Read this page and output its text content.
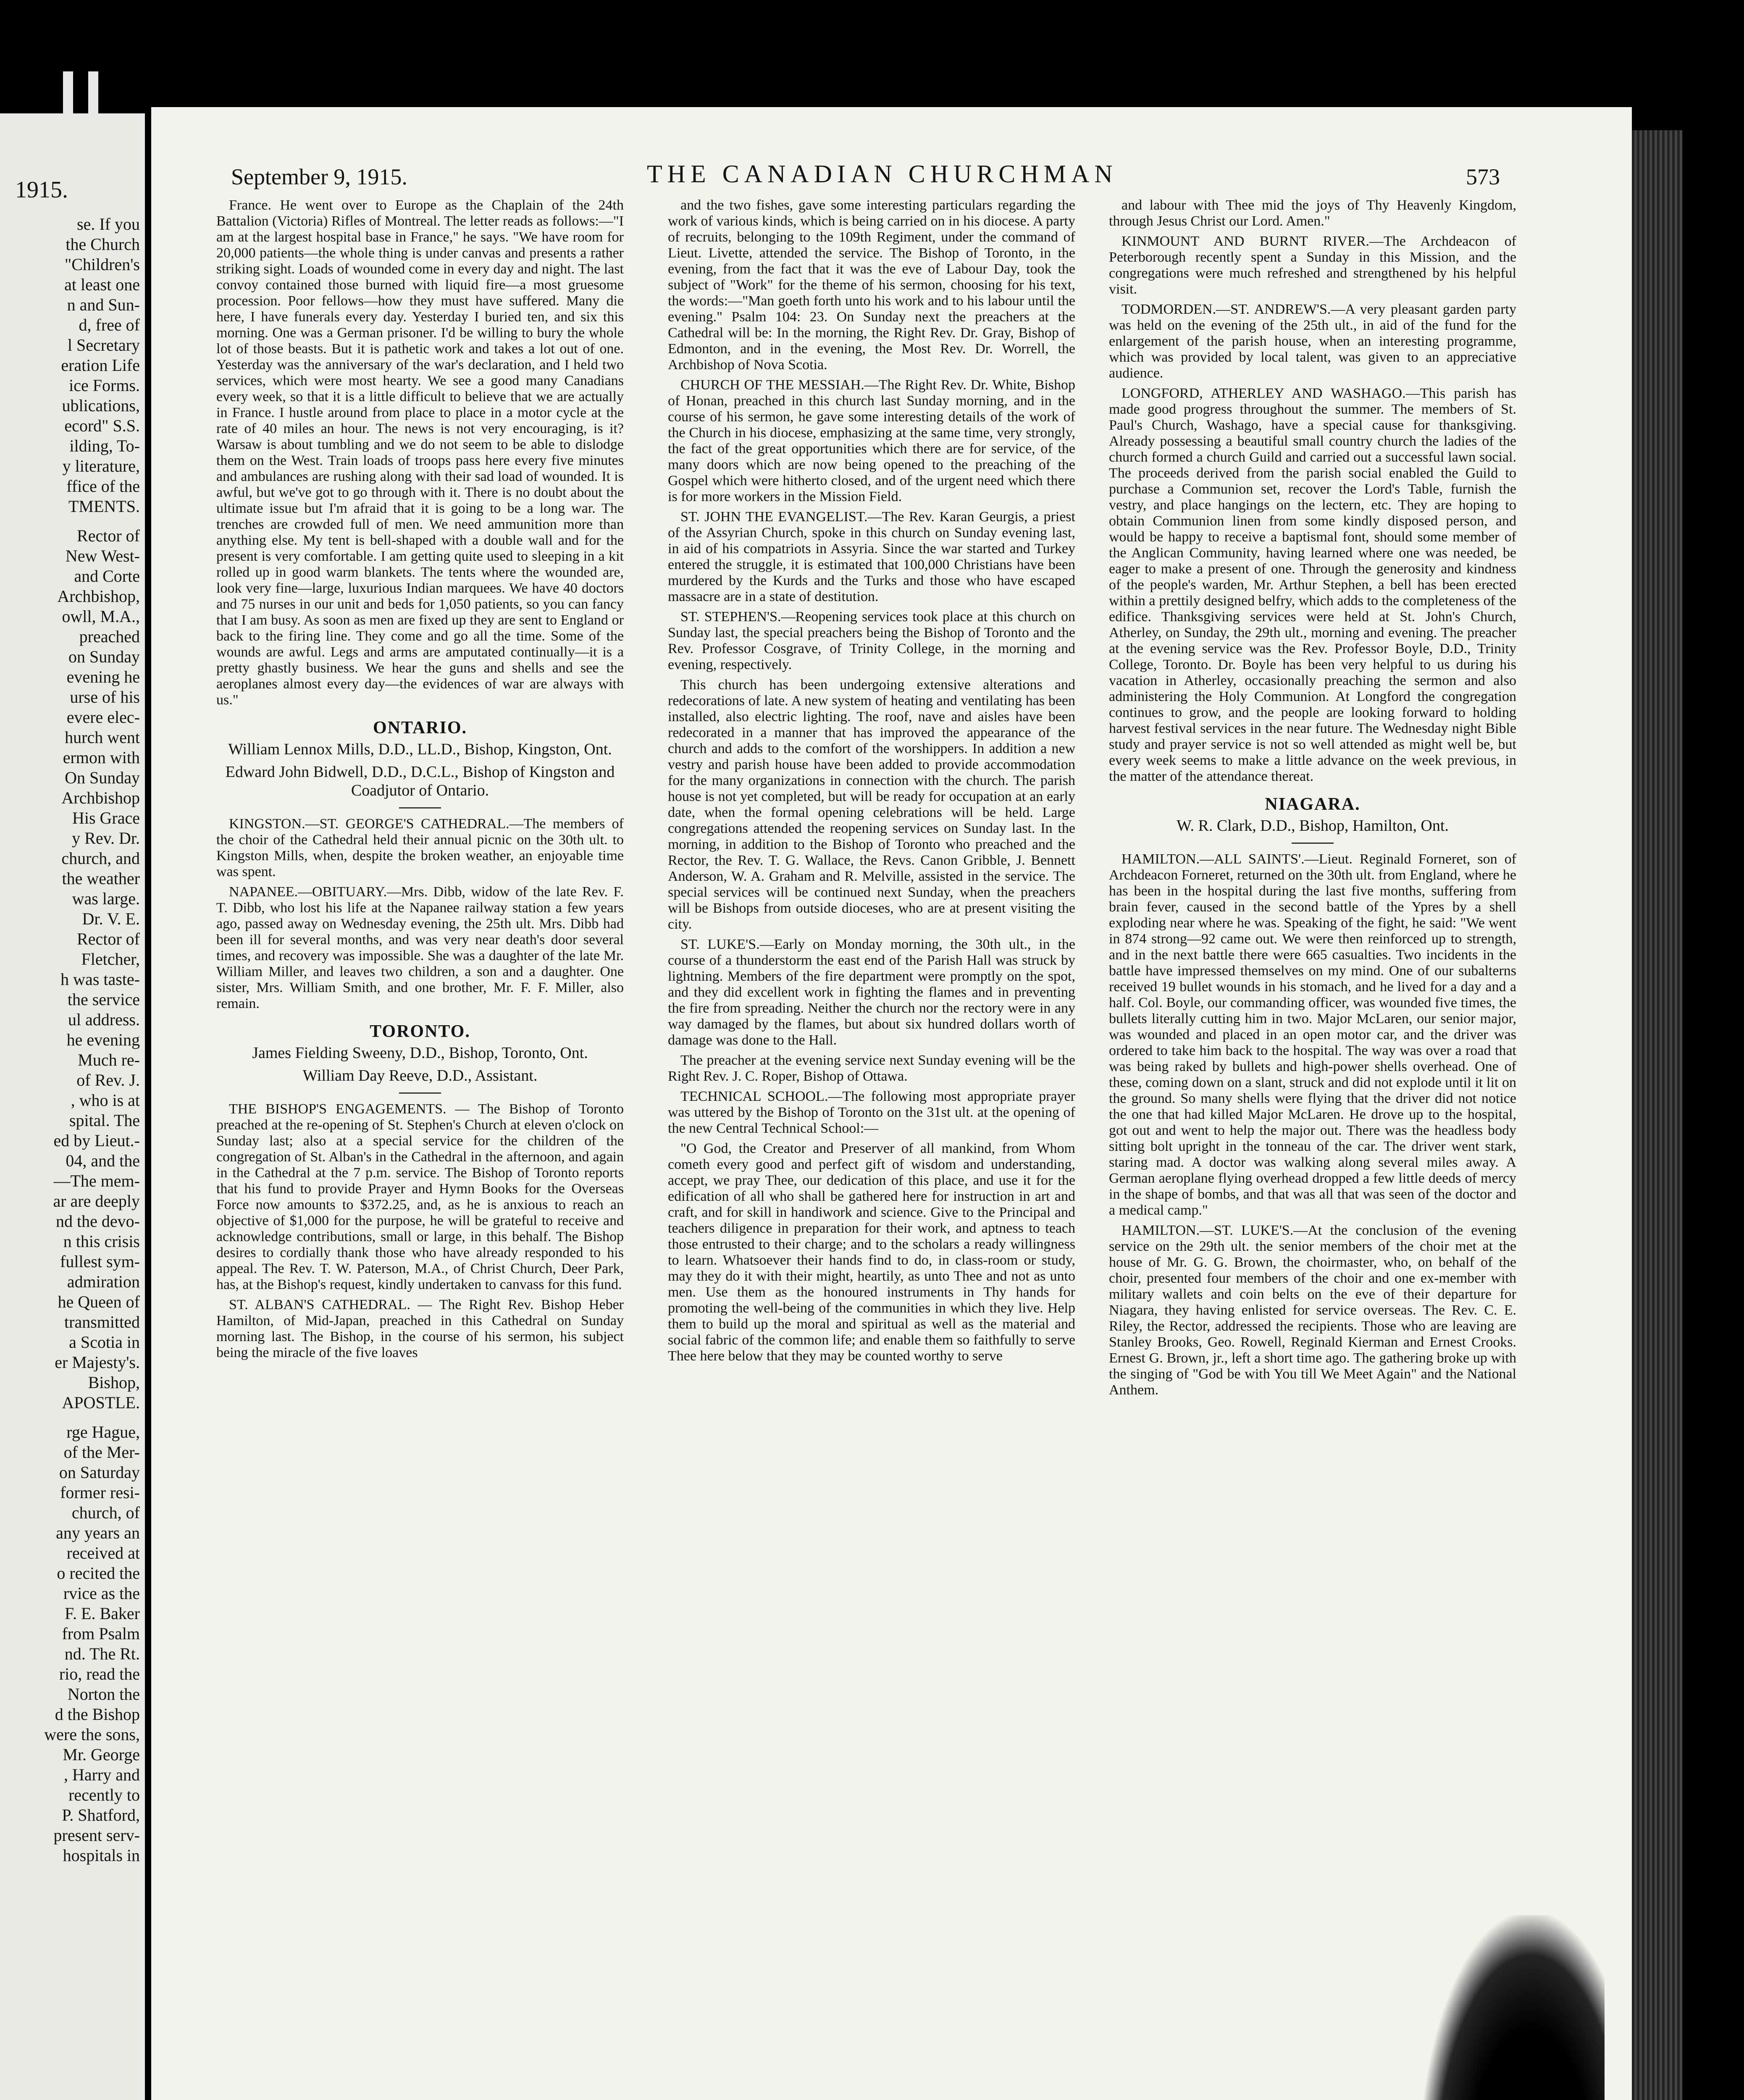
1915.
se. If you
the Church
"Children's
at least one
n and Sun-
d, free of
l Secretary
eration Life
ice Forms.
ublications,
ecord" S.S.
ilding, To-
y literature,
ffice of the
TMENTS.
Rector of
New West-
and Corte
Archbishop,
owll, M.A.,
preached
on Sunday
evening he
urse of his
evere elec-
hurch went
ermon with
On Sunday
Archbishop
His Grace
y Rev. Dr.
church, and
the weather
was large.
Dr. V. E.
Rector of
Fletcher,
h was taste-
the service
ul address.
he evening
Much re-
of Rev. J.
, who is at
spital. The
ed by Lieut.-
04, and the
—The mem-
ar are deeply
nd the devo-
n this crisis
fullest sym-
admiration
he Queen of
transmitted
a Scotia in
er Majesty's.
Bishop,
APOSTLE.
rge Hague,
of the Mer-
on Saturday
former resi-
church, of
any years an
received at
o recited the
rvice as the
F. E. Baker
from Psalm
nd. The Rt.
rio, read the
Norton the
d the Bishop
were the sons,
Mr. George
, Harry and
recently to
P. Shatford,
present serv-
hospitals in
September 9, 1915.	THE CANADIAN CHURCHMAN	573

France. He went over to Europe as the Chaplain of the 24th Battalion (Victoria) Rifles of Montreal. The letter reads as follows:—"I am at the largest hospital base in France," he says. "We have room for 20,000 patients—the whole thing is under canvas and presents a rather striking sight. Loads of wounded come in every day and night. The last convoy contained those burned with liquid fire—a most gruesome procession. Poor fellows—how they must have suffered. Many die here, I have funerals every day. Yesterday I buried ten, and six this morning. One was a German prisoner. I'd be willing to bury the whole lot of those beasts. But it is pathetic work and takes a lot out of one. Yesterday was the anniversary of the war's declaration, and I held two services, which were most hearty. We see a good many Canadians every week, so that it is a little difficult to believe that we are actually in France. I hustle around from place to place in a motor cycle at the rate of 40 miles an hour. The news is not very encouraging, is it? Warsaw is about tumbling and we do not seem to be able to dislodge them on the West. Train loads of troops pass here every five minutes and ambulances are rushing along with their sad load of wounded. It is awful, but we've got to go through with it. There is no doubt about the ultimate issue but I'm afraid that it is going to be a long war. The trenches are crowded full of men. We need ammunition more than anything else. My tent is bell-shaped with a double wall and for the present is very comfortable. I am getting quite used to sleeping in a kit rolled up in good warm blankets. The tents where the wounded are, look very fine—large, luxurious Indian marquees. We have 40 doctors and 75 nurses in our unit and beds for 1,050 patients, so you can fancy that I am busy. As soon as men are fixed up they are sent to England or back to the firing line. They come and go all the time. Some of the wounds are awful. Legs and arms are amputated continually—it is a pretty ghastly business. We hear the guns and shells and see the aeroplanes almost every day—the evidences of war are always with us."

ONTARIO.
William Lennox Mills, D.D., LL.D., Bishop, Kingston, Ont.
Edward John Bidwell, D.D., D.C.L., Bishop of Kingston and Coadjutor of Ontario.

KINGSTON.—ST. GEORGE'S CATHEDRAL.—The members of the choir of the Cathedral held their annual picnic on the 30th ult. to Kingston Mills, when, despite the broken weather, an enjoyable time was spent.

NAPANEE.—OBITUARY.—Mrs. Dibb, widow of the late Rev. F. T. Dibb, who lost his life at the Napanee railway station a few years ago, passed away on Wednesday evening, the 25th ult. Mrs. Dibb had been ill for several months, and was very near death's door several times, and recovery was impossible. She was a daughter of the late Mr. William Miller, and leaves two children, a son and a daughter. One sister, Mrs. William Smith, and one brother, Mr. F. F. Miller, also remain.

TORONTO.
James Fielding Sweeny, D.D., Bishop, Toronto, Ont.
William Day Reeve, D.D., Assistant.

THE BISHOP'S ENGAGEMENTS. — The Bishop of Toronto preached at the re-opening of St. Stephen's Church at eleven o'clock on Sunday last; also at a special service for the children of the congregation of St. Alban's in the Cathedral in the afternoon, and again in the Cathedral at the 7 p.m. service. The Bishop of Toronto reports that his fund to provide Prayer and Hymn Books for the Overseas Force now amounts to $372.25, and, as he is anxious to reach an objective of $1,000 for the purpose, he will be grateful to receive and acknowledge contributions, small or large, in this behalf. The Bishop desires to cordially thank those who have already responded to his appeal. The Rev. T. W. Paterson, M.A., of Christ Church, Deer Park, has, at the Bishop's request, kindly undertaken to canvass for this fund.

ST. ALBAN'S CATHEDRAL. — The Right Rev. Bishop Heber Hamilton, of Mid-Japan, preached in this Cathedral on Sunday morning last. The Bishop, in the course of his sermon, his subject being the miracle of the five loaves

and the two fishes, gave some interesting particulars regarding the work of various kinds, which is being carried on in his diocese. A party of recruits, belonging to the 109th Regiment, under the command of Lieut. Livette, attended the service. The Bishop of Toronto, in the evening, from the fact that it was the eve of Labour Day, took the subject of "Work" for the theme of his sermon, choosing for his text, the words:—"Man goeth forth unto his work and to his labour until the evening." Psalm 104: 23. On Sunday next the preachers at the Cathedral will be: In the morning, the Right Rev. Dr. Gray, Bishop of Edmonton, and in the evening, the Most Rev. Dr. Worrell, the Archbishop of Nova Scotia.

CHURCH OF THE MESSIAH.—The Right Rev. Dr. White, Bishop of Honan, preached in this church last Sunday morning, and in the course of his sermon, he gave some interesting details of the work of the Church in his diocese, emphasizing at the same time, very strongly, the fact of the great opportunities which there are for service, of the many doors which are now being opened to the preaching of the Gospel which were hitherto closed, and of the urgent need which there is for more workers in the Mission Field.

ST. JOHN THE EVANGELIST.—The Rev. Karan Geurgis, a priest of the Assyrian Church, spoke in this church on Sunday evening last, in aid of his compatriots in Assyria. Since the war started and Turkey entered the struggle, it is estimated that 100,000 Christians have been murdered by the Kurds and the Turks and those who have escaped massacre are in a state of destitution.

ST. STEPHEN'S.—Reopening services took place at this church on Sunday last, the special preachers being the Bishop of Toronto and the Rev. Professor Cosgrave, of Trinity College, in the morning and evening, respectively.

This church has been undergoing extensive alterations and redecorations of late. A new system of heating and ventilating has been installed, also electric lighting. The roof, nave and aisles have been redecorated in a manner that has improved the appearance of the church and adds to the comfort of the worshippers. In addition a new vestry and parish house have been added to provide accommodation for the many organizations in connection with the church. The parish house is not yet completed, but will be ready for occupation at an early date, when the formal opening celebrations will be held. Large congregations attended the reopening services on Sunday last. In the morning, in addition to the Bishop of Toronto who preached and the Rector, the Rev. T. G. Wallace, the Revs. Canon Gribble, J. Bennett Anderson, W. A. Graham and R. Melville, assisted in the service. The special services will be continued next Sunday, when the preachers will be Bishops from outside dioceses, who are at present visiting the city.

ST. LUKE'S.—Early on Monday morning, the 30th ult., in the course of a thunderstorm the east end of the Parish Hall was struck by lightning. Members of the fire department were promptly on the spot, and they did excellent work in fighting the flames and in preventing the fire from spreading. Neither the church nor the rectory were in any way damaged by the flames, but about six hundred dollars worth of damage was done to the Hall.

The preacher at the evening service next Sunday evening will be the Right Rev. J. C. Roper, Bishop of Ottawa.

TECHNICAL SCHOOL.—The following most appropriate prayer was uttered by the Bishop of Toronto on the 31st ult. at the opening of the new Central Technical School:—

"O God, the Creator and Preserver of all mankind, from Whom cometh every good and perfect gift of wisdom and understanding, accept, we pray Thee, our dedication of this place, and use it for the edification of all who shall be gathered here for instruction in art and craft, and for skill in handiwork and science. Give to the Principal and teachers diligence in preparation for their work, and aptness to teach those entrusted to their charge; and to the scholars a ready willingness to learn. Whatsoever their hands find to do, in class-room or study, may they do it with their might, heartily, as unto Thee and not as unto men. Use them as the honoured instruments in Thy hands for promoting the well-being of the communities in which they live. Help them to build up the moral and spiritual as well as the material and social fabric of the common life; and enable them so faithfully to serve Thee here below that they may be counted worthy to serve

and labour with Thee mid the joys of Thy Heavenly Kingdom, through Jesus Christ our Lord. Amen."

KINMOUNT AND BURNT RIVER.—The Archdeacon of Peterborough recently spent a Sunday in this Mission, and the congregations were much refreshed and strengthened by his helpful visit.

TODMORDEN.—ST. ANDREW'S.—A very pleasant garden party was held on the evening of the 25th ult., in aid of the fund for the enlargement of the parish house, when an interesting programme, which was provided by local talent, was given to an appreciative audience.

LONGFORD, ATHERLEY AND WASHAGO.—This parish has made good progress throughout the summer. The members of St. Paul's Church, Washago, have a special cause for thanksgiving. Already possessing a beautiful small country church the ladies of the church formed a church Guild and carried out a successful lawn social. The proceeds derived from the parish social enabled the Guild to purchase a Communion set, recover the Lord's Table, furnish the vestry, and place hangings on the lectern, etc. They are hoping to obtain Communion linen from some kindly disposed person, and would be happy to receive a baptismal font, should some member of the Anglican Community, having learned where one was needed, be eager to make a present of one. Through the generosity and kindness of the people's warden, Mr. Arthur Stephen, a bell has been erected within a prettily designed belfry, which adds to the completeness of the edifice. Thanksgiving services were held at St. John's Church, Atherley, on Sunday, the 29th ult., morning and evening. The preacher at the evening service was the Rev. Professor Boyle, D.D., Trinity College, Toronto. Dr. Boyle has been very helpful to us during his vacation in Atherley, occasionally preaching the sermon and also administering the Holy Communion. At Longford the congregation continues to grow, and the people are looking forward to holding harvest festival services in the near future. The Wednesday night Bible study and prayer service is not so well attended as might well be, but every week seems to make a little advance on the week previous, in the matter of the attendance thereat.

NIAGARA.
W. R. Clark, D.D., Bishop, Hamilton, Ont.

HAMILTON.—ALL SAINTS'.—Lieut. Reginald Forneret, son of Archdeacon Forneret, returned on the 30th ult. from England, where he has been in the hospital during the last five months, suffering from brain fever, caused in the second battle of the Ypres by a shell exploding near where he was. Speaking of the fight, he said: "We went in 874 strong—92 came out. We were then reinforced up to strength, and in the next battle there were 665 casualties. Two incidents in the battle have impressed themselves on my mind. One of our subalterns received 19 bullet wounds in his stomach, and he lived for a day and a half. Col. Boyle, our commanding officer, was wounded five times, the bullets literally cutting him in two. Major McLaren, our senior major, was wounded and placed in an open motor car, and the driver was ordered to take him back to the hospital. The way was over a road that was being raked by bullets and high-power shells overhead. One of these, coming down on a slant, struck and did not explode until it lit on the ground. So many shells were flying that the driver did not notice the one that had killed Major McLaren. He drove up to the hospital, got out and went to help the major out. There was the headless body sitting bolt upright in the tonneau of the car. The driver went stark, staring mad. A doctor was walking along several miles away. A German aeroplane flying overhead dropped a few little deeds of mercy in the shape of bombs, and that was all that was seen of the doctor and a medical camp."

HAMILTON.—ST. LUKE'S.—At the conclusion of the evening service on the 29th ult. the senior members of the choir met at the house of Mr. G. G. Brown, the choirmaster, who, on behalf of the choir, presented four members of the choir and one ex-member with military wallets and coin belts on the eve of their departure for Niagara, they having enlisted for service overseas. The Rev. C. E. Riley, the Rector, addressed the recipients. Those who are leaving are Stanley Brooks, Geo. Rowell, Reginald Kierman and Ernest Crooks. Ernest G. Brown, jr., left a short time ago. The gathering broke up with the singing of "God be with You till We Meet Again" and the National Anthem.
